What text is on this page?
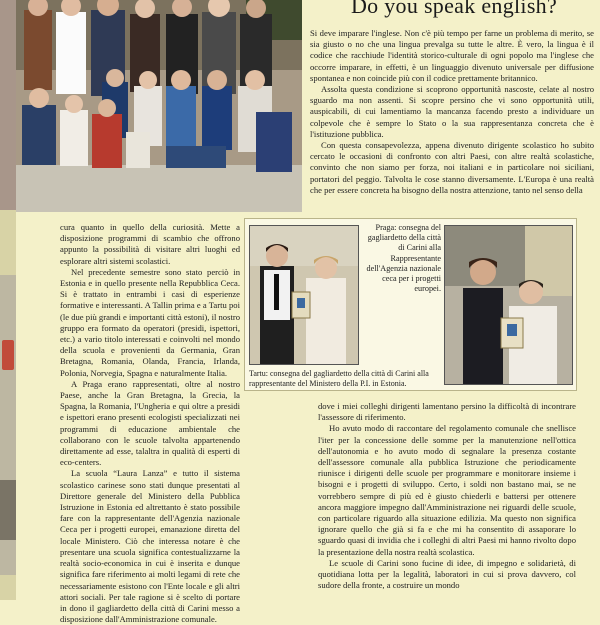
Do you speak english?

Si deve imparare l'inglese. Non c'è più tempo per farne un problema di merito, se sia giusto o no che una lingua prevalga su tutte le altre. È vero, la lingua è il codice che racchiude l'identità storico-culturale di ogni popolo ma l'inglese che occorre imparare, in effetti, è un linguaggio divenuto universale per diffusione spontanea e non coincide più con il codice prettamente britannico.

Assolta questa condizione si scoprono opportunità nascoste, celate al nostro sguardo ma non assenti. Si scopre persino che vi sono opportunità utili, auspicabili, di cui lamentiamo la mancanza facendo presto a individuare un colpevole che è sempre lo Stato o la sua rappresentanza concreta che è l'istituzione pubblica.

Con questa consapevolezza, appena divenuto dirigente scolastico ho subito cercato le occasioni di confronto con altri Paesi, con altre realtà scolastiche, convinto che non siamo per forza, noi italiani e in particolare noi siciliani, portatori del peggio. Talvolta le cose stanno diversamente. L'Europa è una realtà che per essere concreta ha bisogno della nostra attenzione, tanto nel senso della

cura quanto in quello della curiosità. Mette a disposizione programmi di scambio che offrono appunto la possibilità di visitare altri luoghi ed esplorare altri sistemi scolastici.

Nel precedente semestre sono stato perciò in Estonia e in quello presente nella Repubblica Ceca. Si è trattato in entrambi i casi di esperienze formative e interessanti. A Tallin prima e a Tartu poi (le due più grandi e importanti città estoni), il nostro gruppo era formato da operatori (presidi, ispettori, etc.) a vario titolo interessati e coinvolti nel mondo della scuola e provenienti da Germania, Gran Bretagna, Romania, Olanda, Francia, Irlanda, Polonia, Norvegia, Spagna e naturalmente Italia.

A Praga erano rappresentati, oltre al nostro Paese, anche la Gran Bretagna, la Grecia, la Spagna, la Romania, l'Ungheria e qui oltre a presidi e ispettori erano presenti ecologisti specializzati nei programmi di educazione ambientale che collaborano con le scuole talvolta appartenendo direttamente ad esse, talaltra in qualità di esperti di eco-centers.

La scuola “Laura Lanza” e tutto il sistema scolastico carinese sono stati dunque presentati al Direttore generale del Ministero della Pubblica Istruzione in Estonia ed altrettanto è stato possibile fare con la rappresentante dell'Agenzia nazionale Ceca per i progetti europei, emanazione diretta del locale Ministero. Ciò che interessa notare è che presentare una scuola significa contestualizzarne la realtà socio-economica in cui è inserita e dunque significa fare riferimento ai molti legami di rete che necessariamente esistono con l'Ente locale e gli altri attori sociali. Per tale ragione si è scelto di portare in dono il gagliardetto della città di Carini messo a disposizione dall'Amministrazione comunale.

Praga: consegna del gagliardetto della città di Carini alla Rappresentante dell'Agenzia nazionale ceca per i progetti europei.
Tartu: consegna del gagliardetto della città di Carini alla rappresentante del Ministero della P.I. in Estonia.

dove i miei colleghi dirigenti lamentano persino la difficoltà di incontrare l'assessore di riferimento.

Ho avuto modo di raccontare del regolamento comunale che snellisce l'iter per la concessione delle somme per la manutenzione nell'ottica dell'autonomia e ho avuto modo di segnalare la presenza costante dell'assessore comunale alla pubblica Istruzione che periodicamente riunisce i dirigenti delle scuole per programmare e monitorare insieme i bisogni e i progetti di sviluppo. Certo, i soldi non bastano mai, se ne vorrebbero sempre di più ed è giusto chiederli e battersi per ottenere ancora maggiore impegno dall'Amministrazione nei riguardi delle scuole, con particolare riguardo alla situazione edilizia. Ma questo non significa ignorare quello che già si fa e che mi ha consentito di assaporare lo sguardo quasi di invidia che i colleghi di altri Paesi mi hanno rivolto dopo la presentazione della nostra realtà scolastica.

Le scuole di Carini sono fucine di idee, di impegno e solidarietà, di quotidiana lotta per la legalità, laboratori in cui si prova davvero, col sudore della fronte, a costruire un mondo
